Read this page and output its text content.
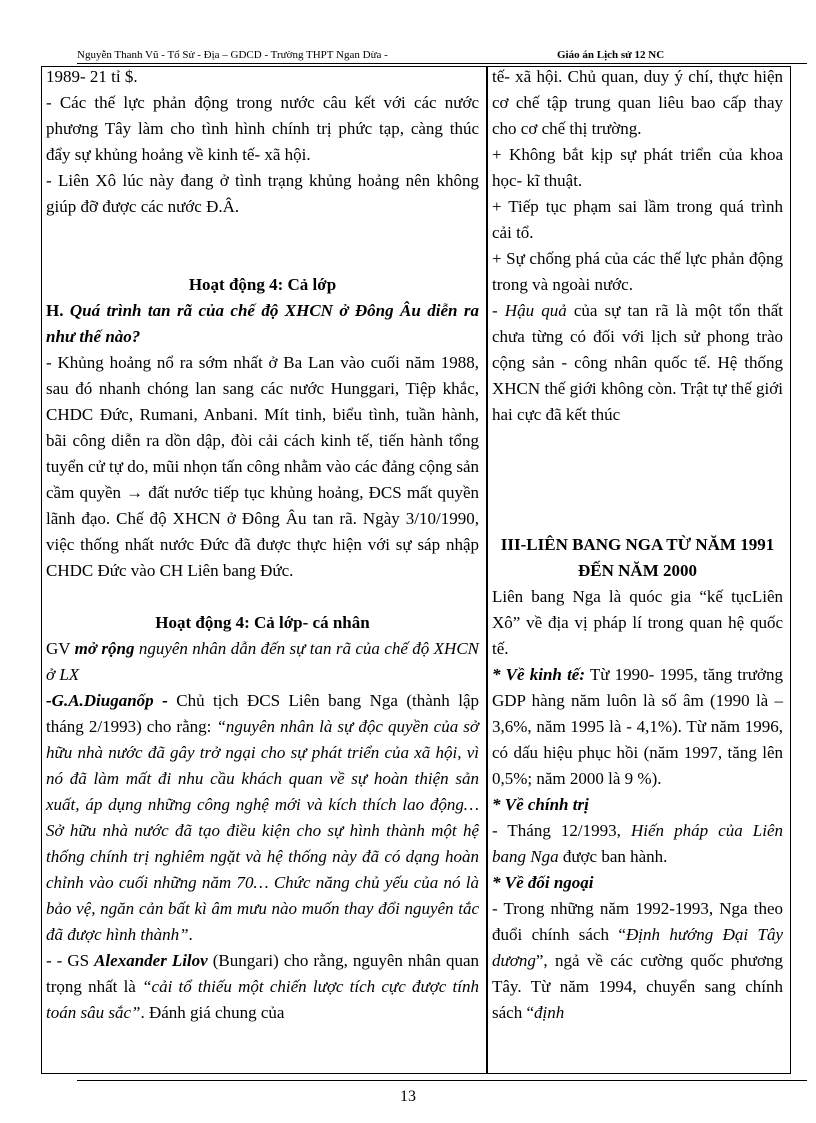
Nguyễn Thanh Vũ - Tổ Sử - Địa – GDCD - Trường THPT Ngan Dừa -	Giáo án Lịch sử 12 NC

1989- 21 tỉ $.

- Các thế lực phản động trong nước câu kết với các nước phương Tây làm cho tình hình chính trị phức tạp, càng thúc đẩy sự khủng hoảng về kinh tế- xã hội.

- Liên Xô lúc này đang ở tình trạng khủng hoảng nên không giúp đỡ được các nước Đ.Â.

Hoạt động 4: Cả lớp

H. Quá trình tan rã của chế độ XHCN ở Đông Âu diễn ra như thế nào?

- Khủng hoảng nổ ra sớm nhất ở Ba Lan vào cuối năm 1988, sau đó nhanh chóng lan sang các nước Hunggari, Tiệp khắc, CHDC Đức, Rumani, Anbani. Mít tinh, biểu tình, tuần hành, bãi công diễn ra dồn dập, đòi cải cách kinh tế, tiến hành tổng tuyển cử tự do, mũi nhọn tấn công nhằm vào các đảng cộng sản cầm quyền → đất nước tiếp tục khủng hoảng, ĐCS mất quyền lãnh đạo. Chế độ XHCN ở Đông Âu tan rã. Ngày 3/10/1990, việc thống nhất nước Đức đã được thực hiện với sự sáp nhập CHDC Đức vào CH Liên bang Đức.

Hoạt động 4: Cả lớp- cá nhân

GV mở rộng nguyên nhân dẫn đến sự tan rã của chế độ XHCN ở LX

-G.A.Diuganốp - Chủ tịch ĐCS Liên bang Nga (thành lập tháng 2/1993) cho rằng: “nguyên nhân là sự độc quyền của sở hữu nhà nước đã gây trở ngại cho sự phát triển của xã hội, vì nó đã làm mất đi nhu cầu khách quan về sự hoàn thiện sản xuất, áp dụng những công nghệ mới và kích thích lao động…Sở hữu nhà nước đã tạo điều kiện cho sự hình thành một hệ thống chính trị nghiêm ngặt và hệ thống này đã có dạng hoàn chỉnh vào cuối những năm 70… Chức năng chủ yếu của nó là bảo vệ, ngăn cản bất kì âm mưu nào muốn thay đổi nguyên tắc đã được hình thành”.

- - GS Alexander Lilov (Bungari) cho rằng, nguyên nhân quan trọng nhất là “cải tổ thiếu một chiến lược tích cực được tính toán sâu sắc”. Đánh giá chung của

tế- xã hội. Chủ quan, duy ý chí, thực hiện cơ chế tập trung quan liêu bao cấp thay cho cơ chế thị trường.

+ Không bắt kịp sự phát triển của khoa học- kĩ thuật.

+ Tiếp tục phạm sai lầm trong quá trình cải tổ.

+ Sự chống phá của các thế lực phản động trong và ngoài nước.

- Hậu quả của sự tan rã là một tổn thất chưa từng có đối với lịch sử phong trào cộng sản - công nhân quốc tế. Hệ thống XHCN thế giới không còn. Trật tự thế giới hai cực đã kết thúc

III-LIÊN BANG NGA TỪ NĂM 1991 ĐẾN NĂM 2000

Liên bang Nga là quóc gia “kế tụcLiên Xô” về địa vị pháp lí trong quan hệ quốc tế.

* Về kinh tế: Từ 1990- 1995, tăng trưởng GDP hàng năm luôn là số âm (1990 là – 3,6%, năm 1995 là - 4,1%). Từ năm 1996, có dấu hiệu phục hồi (năm 1997, tăng lên 0,5%; năm 2000 là 9 %).

* Về chính trị

- Tháng 12/1993, Hiến pháp của Liên bang Nga được ban hành.

* Về đối ngoại

- Trong những năm 1992-1993, Nga theo đuổi chính sách “Định hướng Đại Tây dương”, ngả về các cường quốc phương Tây. Từ năm 1994, chuyển sang chính sách “định

13
